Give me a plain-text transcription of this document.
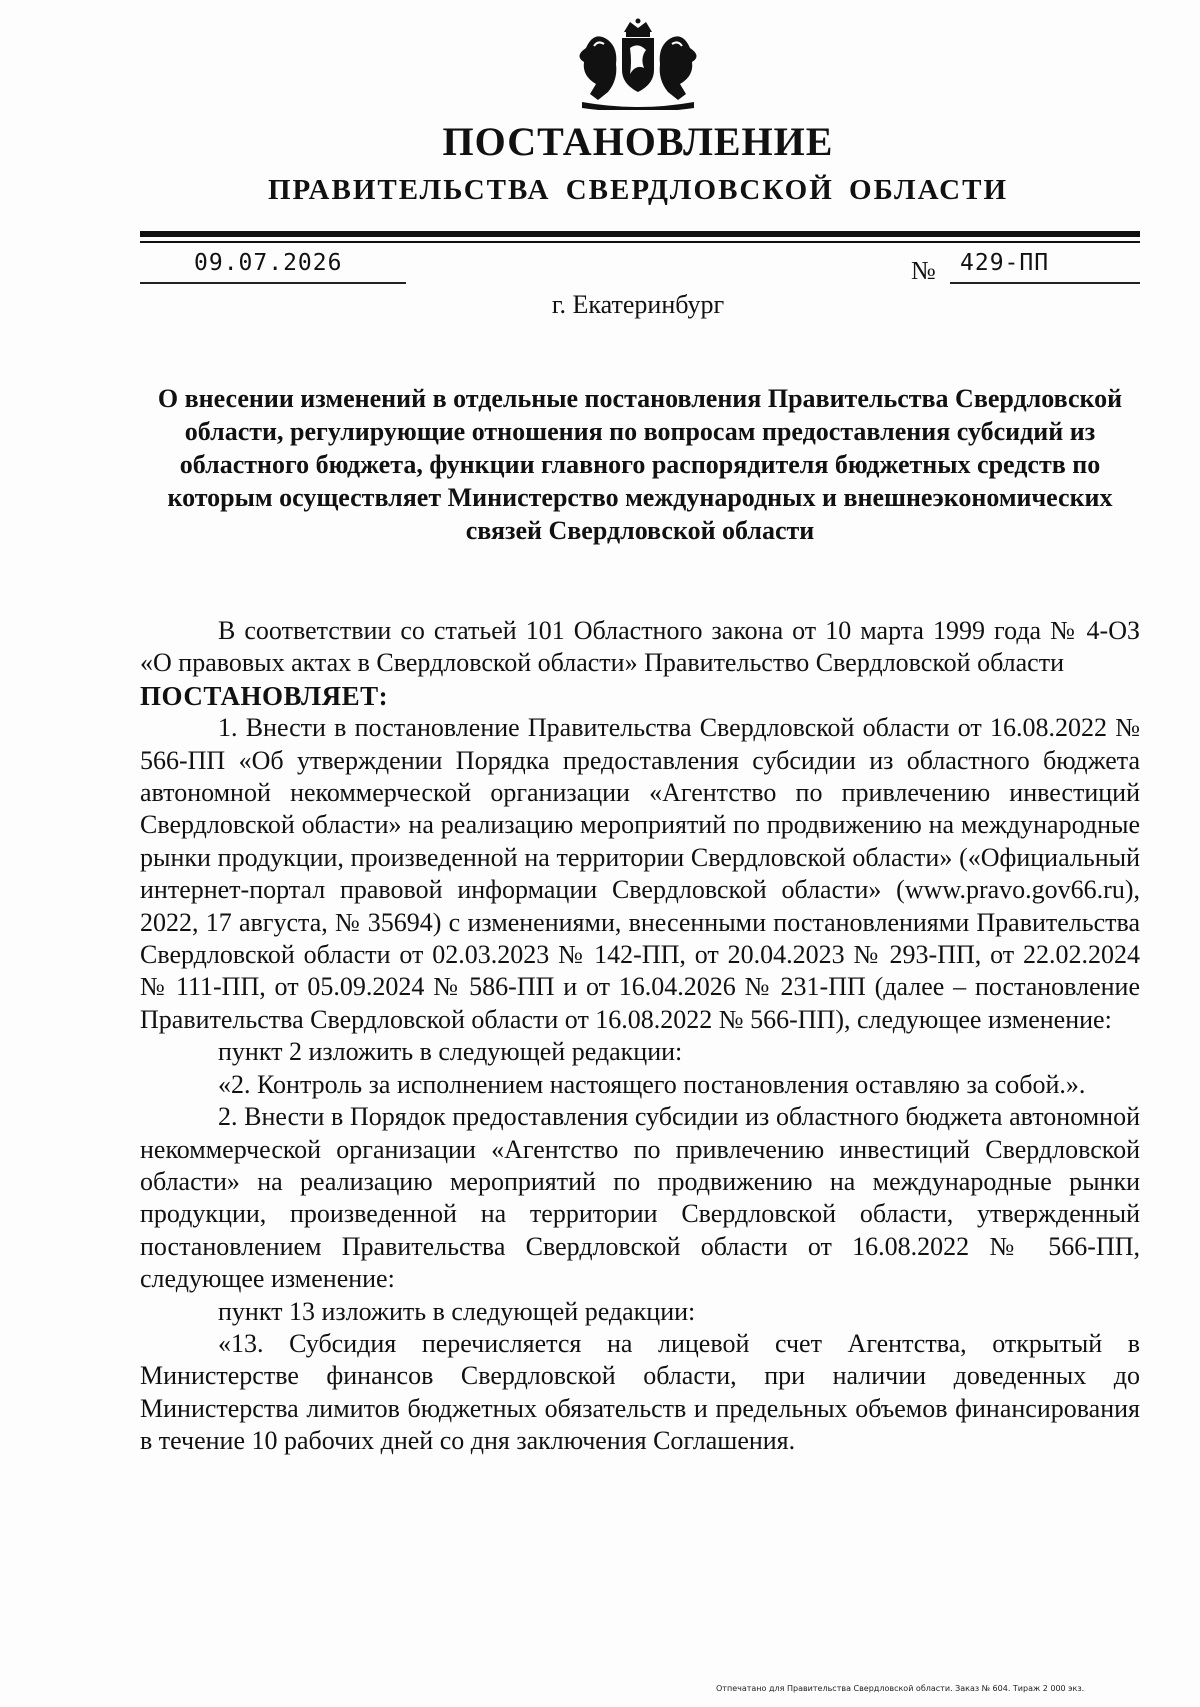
ПОСТАНОВЛЕНИЕ
ПРАВИТЕЛЬСТВА СВЕРДЛОВСКОЙ ОБЛАСТИ
09.07.2026	№ 429-ПП
г. Екатеринбург
О внесении изменений в отдельные постановления Правительства Свердловской области, регулирующие отношения по вопросам предоставления субсидий из областного бюджета, функции главного распорядителя бюджетных средств по которым осуществляет Министерство международных и внешнеэкономических связей Свердловской области

В соответствии со статьей 101 Областного закона от 10 марта 1999 года № 4-ОЗ «О правовых актах в Свердловской области» Правительство Свердловской области

ПОСТАНОВЛЯЕТ:

1. Внести в постановление Правительства Свердловской области от 16.08.2022 № 566-ПП «Об утверждении Порядка предоставления субсидии из областного бюджета автономной некоммерческой организации «Агентство по привлечению инвестиций Свердловской области» на реализацию мероприятий по продвижению на международные рынки продукции, произведенной на территории Свердловской области» («Официальный интернет-портал правовой информации Свердловской области» (www.pravo.gov66.ru), 2022, 17 августа, № 35694) с изменениями, внесенными постановлениями Правительства Свердловской области от 02.03.2023 № 142-ПП, от 20.04.2023 № 293-ПП, от 22.02.2024 № 111-ПП, от 05.09.2024 № 586-ПП и от 16.04.2026 № 231-ПП (далее – постановление Правительства Свердловской области от 16.08.2022 № 566-ПП), следующее изменение:

пункт 2 изложить в следующей редакции:

«2. Контроль за исполнением настоящего постановления оставляю за собой.».

2. Внести в Порядок предоставления субсидии из областного бюджета автономной некоммерческой организации «Агентство по привлечению инвестиций Свердловской области» на реализацию мероприятий по продвижению на международные рынки продукции, произведенной на территории Свердловской области, утвержденный постановлением Правительства Свердловской области от 16.08.2022 № 566-ПП, следующее изменение:

пункт 13 изложить в следующей редакции:

«13. Субсидия перечисляется на лицевой счет Агентства, открытый в Министерстве финансов Свердловской области, при наличии доведенных до Министерства лимитов бюджетных обязательств и предельных объемов финансирования в течение 10 рабочих дней со дня заключения Соглашения.

Отпечатано для Правительства Свердловской области. Заказ № 604. Тираж 2 000 экз.
